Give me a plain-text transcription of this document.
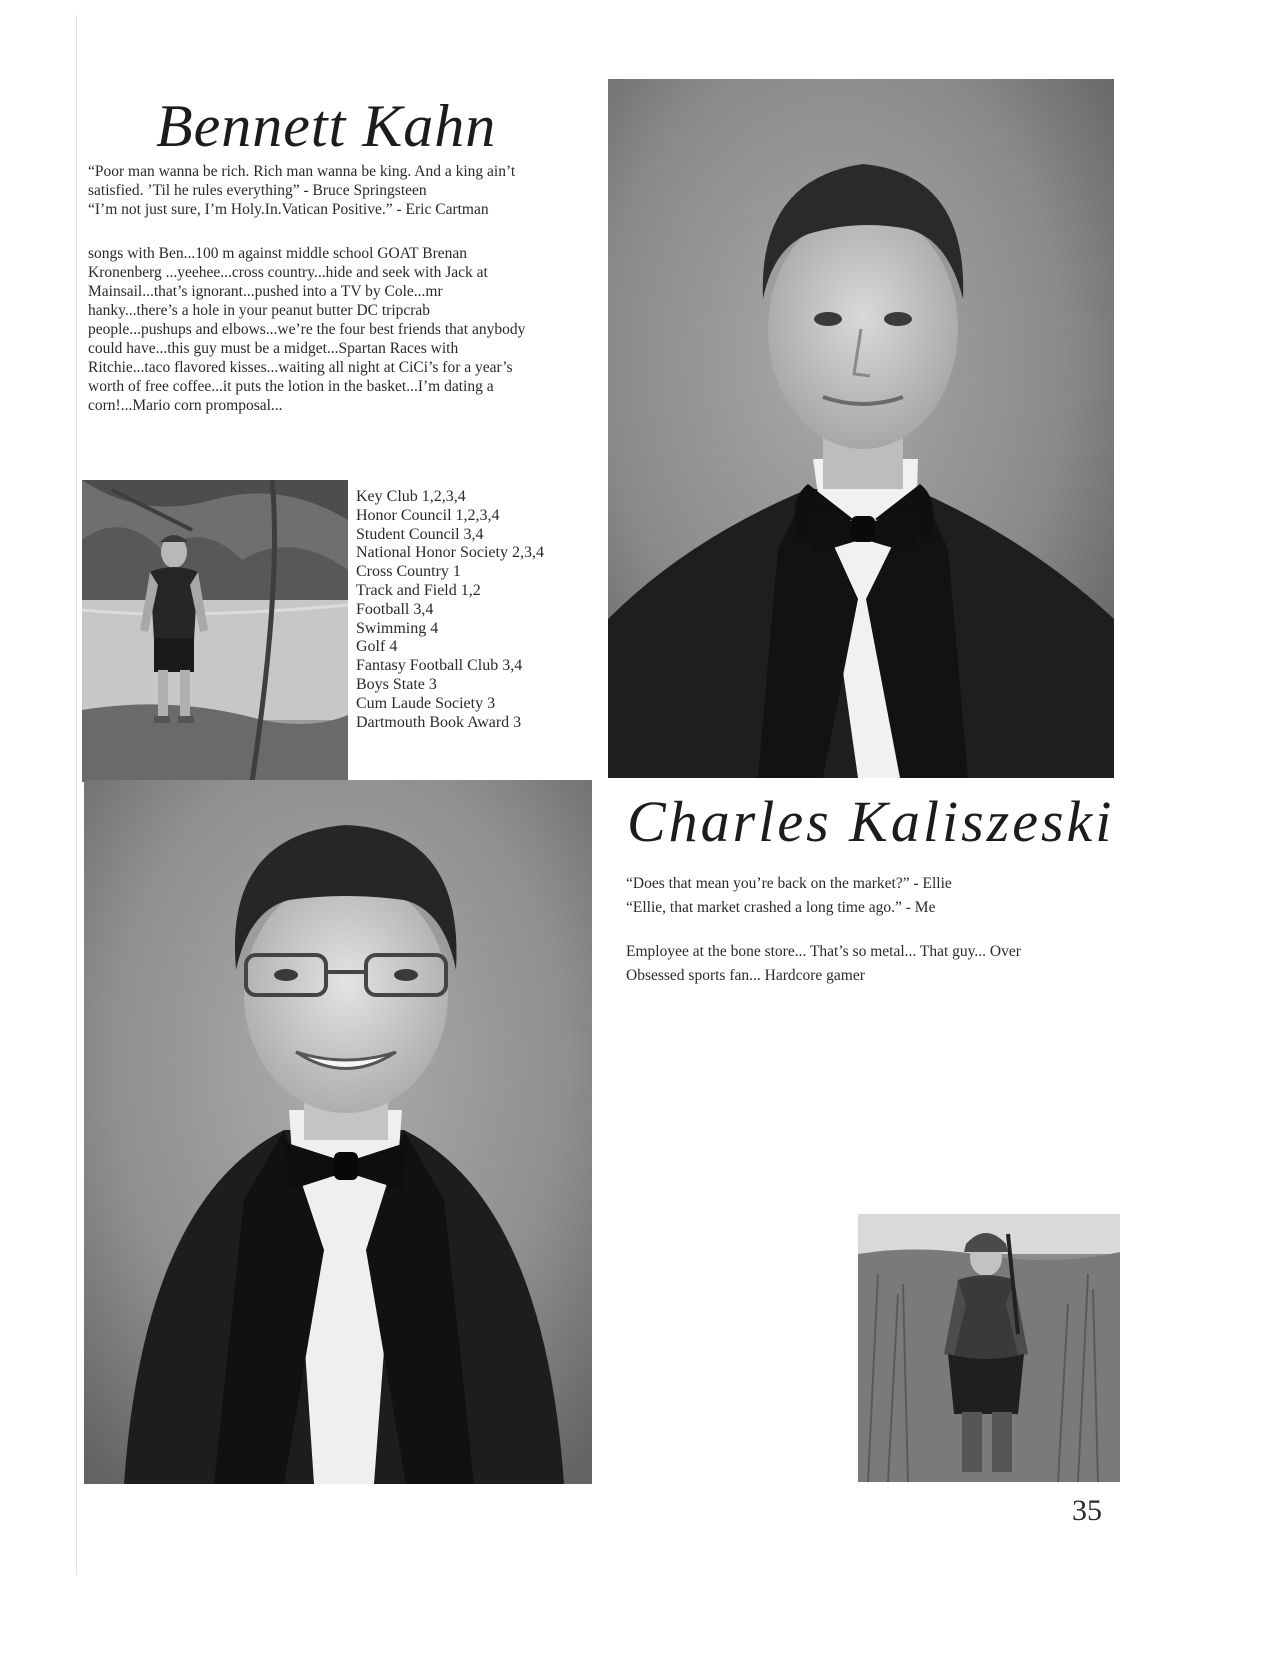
Bennett Kahn
“Poor man wanna be rich. Rich man wanna be king. And a king ain’t
satisfied. ’Til he rules everything” - Bruce Springsteen
“I’m not just sure, I’m Holy.In.Vatican Positive.” - Eric Cartman
songs with Ben...100 m against middle school GOAT Brenan
Kronenberg ...yeehee...cross country...hide and seek with Jack at
Mainsail...that’s ignorant...pushed into a TV by Cole...mr
hanky...there’s a hole in your peanut butter DC tripcrab
people...pushups and elbows...we’re the four best friends that anybody
could have...this guy must be a midget...Spartan Races with
Ritchie...taco flavored kisses...waiting all night at CiCi’s for a year’s
worth of free coffee...it puts the lotion in the basket...I’m dating a
corn!...Mario corn promposal...
Key Club 1,2,3,4
Honor Council 1,2,3,4
Student Council 3,4
National Honor Society 2,3,4
Cross Country 1
Track and Field 1,2
Football 3,4
Swimming 4
Golf 4
Fantasy Football Club 3,4
Boys State 3
Cum Laude Society 3
Dartmouth Book Award 3
Charles Kaliszeski
“Does that mean you’re back on the market?” - Ellie
“Ellie, that market crashed a long time ago.” - Me
Employee at the bone store... That’s so metal... That guy... Over
Obsessed sports fan... Hardcore gamer
35
